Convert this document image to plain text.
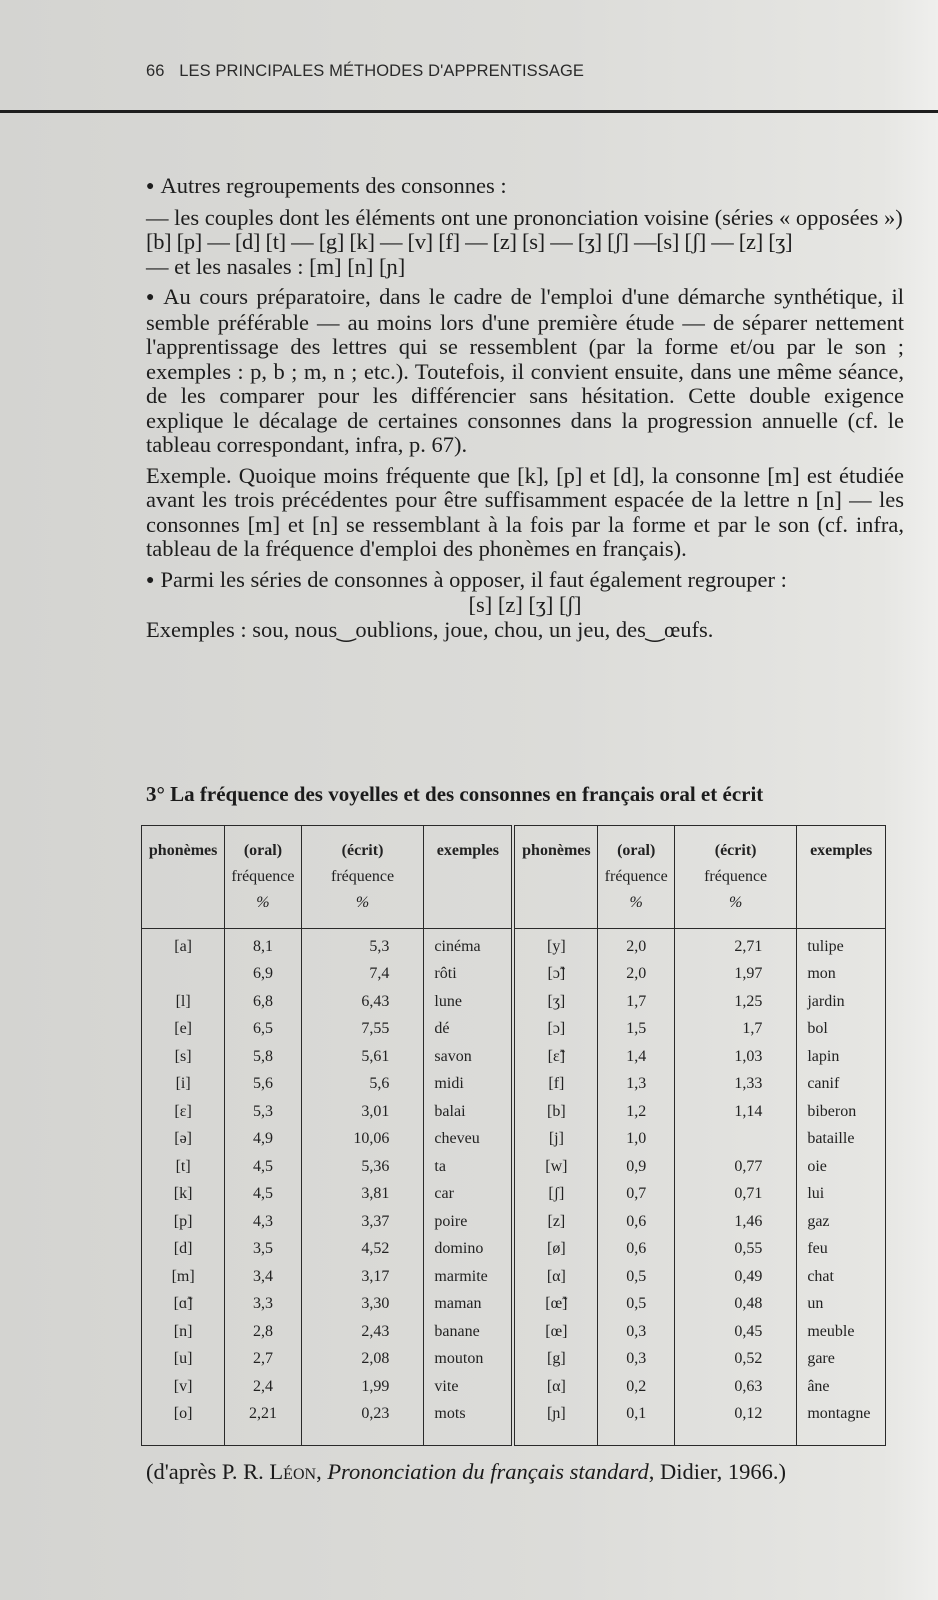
66 LES PRINCIPALES MÉTHODES D'APPRENTISSAGE

● Autres regroupements des consonnes :

— les couples dont les éléments ont une prononciation voisine (séries « opposées »)

[b] [p] — [d] [t] — [g] [k] — [v] [f] — [z] [s] — [ʒ] [ʃ] —[s] [ʃ] — [z] [ʒ]

— et les nasales : [m] [n] [ɲ]

● Au cours préparatoire, dans le cadre de l'emploi d'une démarche synthétique, il semble préférable — au moins lors d'une première étude — de séparer nettement l'apprentissage des lettres qui se ressemblent (par la forme et/ou par le son ; exemples : p, b ; m, n ; etc.). Toutefois, il convient ensuite, dans une même séance, de les comparer pour les différencier sans hésitation. Cette double exigence explique le décalage de certaines consonnes dans la progression annuelle (cf. le tableau correspondant, infra, p. 67).

Exemple. Quoique moins fréquente que [k], [p] et [d], la consonne [m] est étudiée avant les trois précédentes pour être suffisamment espacée de la lettre n [n] — les consonnes [m] et [n] se ressemblant à la fois par la forme et par le son (cf. infra, tableau de la fréquence d'emploi des phonèmes en français).

● Parmi les séries de consonnes à opposer, il faut également regrouper :

[s] [z] [ʒ] [ʃ]

Exemples : sou, nous‿oublions, joue, chou, un jeu, des‿œufs.

3° La fréquence des voyelles et des consonnes en français oral et écrit
phonèmes	(oral)
fréquence
%	(écrit)
fréquence
%	exemples	phonèmes	(oral)
fréquence
%	(écrit)
fréquence
%	exemples

[a]	8,1	5,3	cinéma	[y]	2,0	2,71	tulipe
	6,9	7,4	rôti	[ɔ̃]	2,0	1,97	mon
[l]	6,8	6,43	lune	[ʒ]	1,7	1,25	jardin
[e]	6,5	7,55	dé	[ɔ]	1,5	1,7	bol
[s]	5,8	5,61	savon	[ɛ̃]	1,4	1,03	lapin
[i]	5,6	5,6	midi	[f]	1,3	1,33	canif
[ɛ]	5,3	3,01	balai	[b]	1,2	1,14	biberon
[ə]	4,9	10,06	cheveu	[j]	1,0		bataille
[t]	4,5	5,36	ta	[w]	0,9	0,77	oie
[k]	4,5	3,81	car	[ʃ]	0,7	0,71	lui
[p]	4,3	3,37	poire	[z]	0,6	1,46	gaz
[d]	3,5	4,52	domino	[ø]	0,6	0,55	feu
[m]	3,4	3,17	marmite	[α]	0,5	0,49	chat
[ɑ̃]	3,3	3,30	maman	[œ̃]	0,5	0,48	un
[n]	2,8	2,43	banane	[œ]	0,3	0,45	meuble
[u]	2,7	2,08	mouton	[g]	0,3	0,52	gare
[v]	2,4	1,99	vite	[α]	0,2	0,63	âne
[o]	2,21	0,23	mots	[ɲ]	0,1	0,12	montagne
(d'après P. R. Léon, Prononciation du français standard, Didier, 1966.)
